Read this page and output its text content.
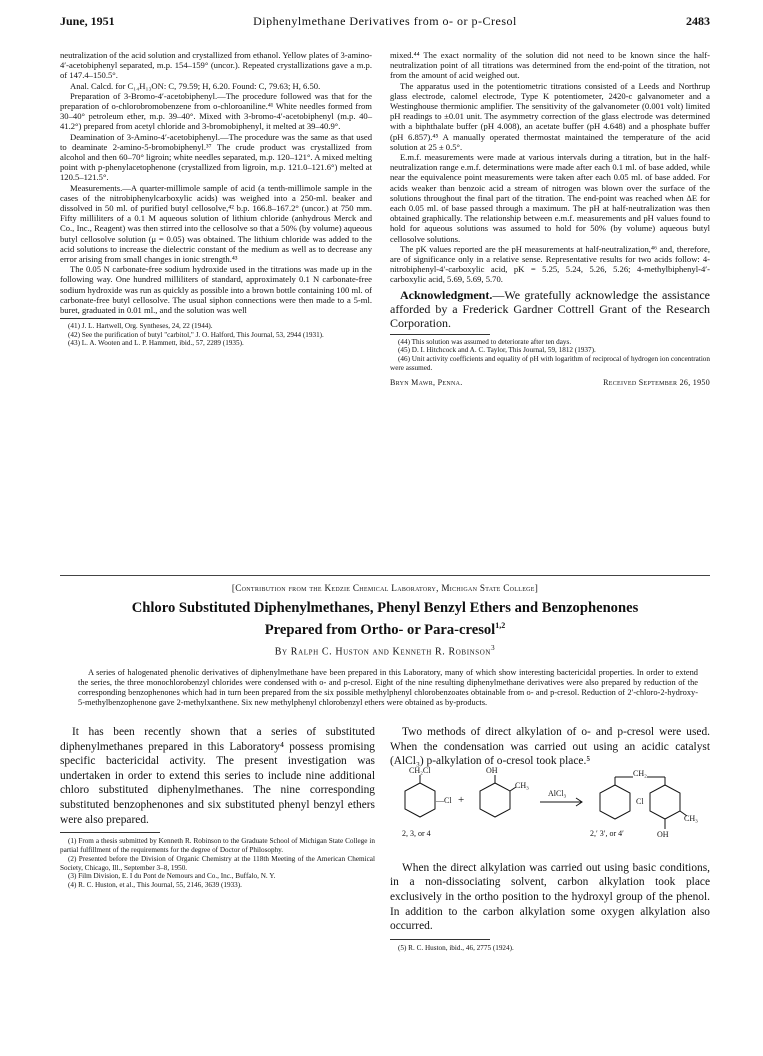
June, 1951	Diphenylmethane Derivatives from o- or p-Cresol	2483

neutralization of the acid solution and crystallized from ethanol. Yellow plates of 3-amino-4′-acetobiphenyl separated, m.p. 154–159° (uncor.). Repeated crystallizations gave a m.p. of 147.4–150.5°.

Anal. Calcd. for C₁₄H₁₃ON: C, 79.59; H, 6.20. Found: C, 79.63; H, 6.50.

Preparation of 3-Bromo-4′-acetobiphenyl.—The procedure followed was that for the preparation of o-chlorobromobenzene from o-chloroaniline.⁴¹ White needles formed from 30–40° petroleum ether, m.p. 39–40°. Mixed with 3-bromo-4′-acetobiphenyl (m.p. 40–41.2°) prepared from acetyl chloride and 3-bromobiphenyl, it melted at 39–40.9°.

Deamination of 3-Amino-4′-acetobiphenyl.—The procedure was the same as that used to deaminate 2-amino-5-bromobiphenyl.³⁷ The crude product was crystallized from alcohol and then 60–70° ligroin; white needles separated, m.p. 120–121°. A mixed melting point with p-phenylacetophenone (crystallized from ligroin, m.p. 121.0–121.6°) melted at 120.5–121.5°.

Measurements.—A quarter-millimole sample of acid (a tenth-millimole sample in the cases of the nitrobiphenylcarboxylic acids) was weighed into a 250-ml. beaker and dissolved in 50 ml. of purified butyl cellosolve,⁴² b.p. 166.8–167.2° (uncor.) at 750 mm. Fifty milliliters of a 0.1 M aqueous solution of lithium chloride (anhydrous Merck and Co., Inc., Reagent) was then stirred into the cellosolve so that a 50% (by volume) aqueous butyl cellosolve solution (μ = 0.05) was obtained. The lithium chloride was added to the acid solutions to increase the dielectric constant of the medium as well as to decrease any error arising from small changes in ionic strength.⁴³

The 0.05 N carbonate-free sodium hydroxide used in the titrations was made up in the following way. One hundred milliliters of standard, approximately 0.1 N carbonate-free sodium hydroxide was run as quickly as possible into a brown bottle containing 100 ml. of carbonate-free butyl cellosolve. The usual siphon connections were then made to a 5-ml. buret, graduated in 0.01 ml., and the solution was well

(41) J. L. Hartwell, Org. Syntheses, 24, 22 (1944).

(42) See the purification of butyl "carbitol," J. O. Halford, This Journal, 53, 2944 (1931).

(43) L. A. Wooten and L. P. Hammett, ibid., 57, 2289 (1935).

mixed.⁴⁴ The exact normality of the solution did not need to be known since the half-neutralization point of all titrations was determined from the end-point of the titration, not from the amount of acid weighed out.

The apparatus used in the potentiometric titrations consisted of a Leeds and Northrup glass electrode, calomel electrode, Type K potentiometer, 2420-c galvanometer and a Westinghouse thermionic amplifier. The sensitivity of the galvanometer (0.001 volt) limited pH readings to ±0.01 unit. The asymmetry correction of the glass electrode was determined with a biphthalate buffer (pH 4.008), an acetate buffer (pH 4.648) and a phosphate buffer (pH 6.857).⁴⁵ A manually operated thermostat maintained the temperature of the acid solution at 25 ± 0.5°.

E.m.f. measurements were made at various intervals during a titration, but in the half-neutralization range e.m.f. determinations were made after each 0.1 ml. of base added, while near the equivalence point measurements were taken after each 0.05 ml. of base added. For acids weaker than benzoic acid a stream of nitrogen was blown over the surface of the solutions throughout the final part of the titration. The end-point was reached when ΔE for each 0.05 ml. of base passed through a maximum. The pH at half-neutralization was then obtained graphically. The relationship between e.m.f. measurements and pH values found to hold for aqueous solutions was assumed to hold for 50% (by volume) aqueous butyl cellosolve solutions.

The pK values reported are the pH measurements at half-neutralization,⁴⁶ and, therefore, are of significance only in a relative sense. Representative results for two acids follow: 4-nitrobiphenyl-4′-carboxylic acid, pK = 5.25, 5.24, 5.26, 5.26; 4-methylbiphenyl-4′-carboxylic acid, 5.69, 5.69, 5.70.

Acknowledgment.—We gratefully acknowledge the assistance afforded by a Frederick Gardner Cottrell Grant of the Research Corporation.

(44) This solution was assumed to deteriorate after ten days.

(45) D. I. Hitchcock and A. C. Taylor, This Journal, 59, 1812 (1937).

(46) Unit activity coefficients and equality of pH with logarithm of reciprocal of hydrogen ion concentration were assumed.

Bryn Mawr, Penna.	Received September 26, 1950
[Contribution from the Kedzie Chemical Laboratory, Michigan State College]
Chloro Substituted Diphenylmethanes, Phenyl Benzyl Ethers and Benzophenones
Prepared from Ortho- or Para-cresol$^{1,2}$
By Ralph C. Huston and Kenneth R. Robinson$^3$
A series of halogenated phenolic derivatives of diphenylmethane have been prepared in this Laboratory, many of which show interesting bactericidal properties. In order to extend the series, the three monochlorobenzyl chlorides were condensed with o- and p-cresol. Eight of the nine resulting diphenylmethane derivatives were also prepared by reduction of the corresponding benzophenones which had in turn been prepared from the six possible methylphenyl chlorobenzoates obtainable from o- and p-cresol. Reduction of 2′-chloro-2-hydroxy-5-methylbenzophenone gave 2-methylxanthene. Six new methylphenyl chlorobenzyl ethers were obtained as by-products.

It has been recently shown that a series of substituted diphenylmethanes prepared in this Laboratory⁴ possess promising specific bactericidal activity. The present investigation was undertaken in order to extend this series to include nine additional chloro substituted diphenylmethanes. The nine corresponding substituted benzophenones and six substituted phenyl benzyl ethers were also prepared.

(1) From a thesis submitted by Kenneth R. Robinson to the Graduate School of Michigan State College in partial fulfillment of the requirements for the degree of Doctor of Philosophy.

(2) Presented before the Division of Organic Chemistry at the 118th Meeting of the American Chemical Society, Chicago, Ill., September 3–8, 1950.

(3) Film Division, E. I du Pont de Nemours and Co., Inc., Buffalo, N. Y.

(4) R. C. Huston, et al., This Journal, 55, 2146, 3639 (1933).

Two methods of direct alkylation of o- and p-cresol were used. When the condensation was carried out using an acidic catalyst (AlCl₃) p-alkylation of o-cresol took place.⁵

CH₂Cl	OH
—Cl +
CH₃
AlCl₃
CH₂
Cl
CH₃
OH
2, 3, or 4	2,′ 3′, or 4′

When the direct alkylation was carried out using basic conditions, in a non-dissociating solvent, carbon alkylation took place exclusively in the ortho position to the hydroxyl group of the phenol. In addition to the carbon alkylation some oxygen alkylation also occurred.

(5) R. C. Huston, ibid., 46, 2775 (1924).
